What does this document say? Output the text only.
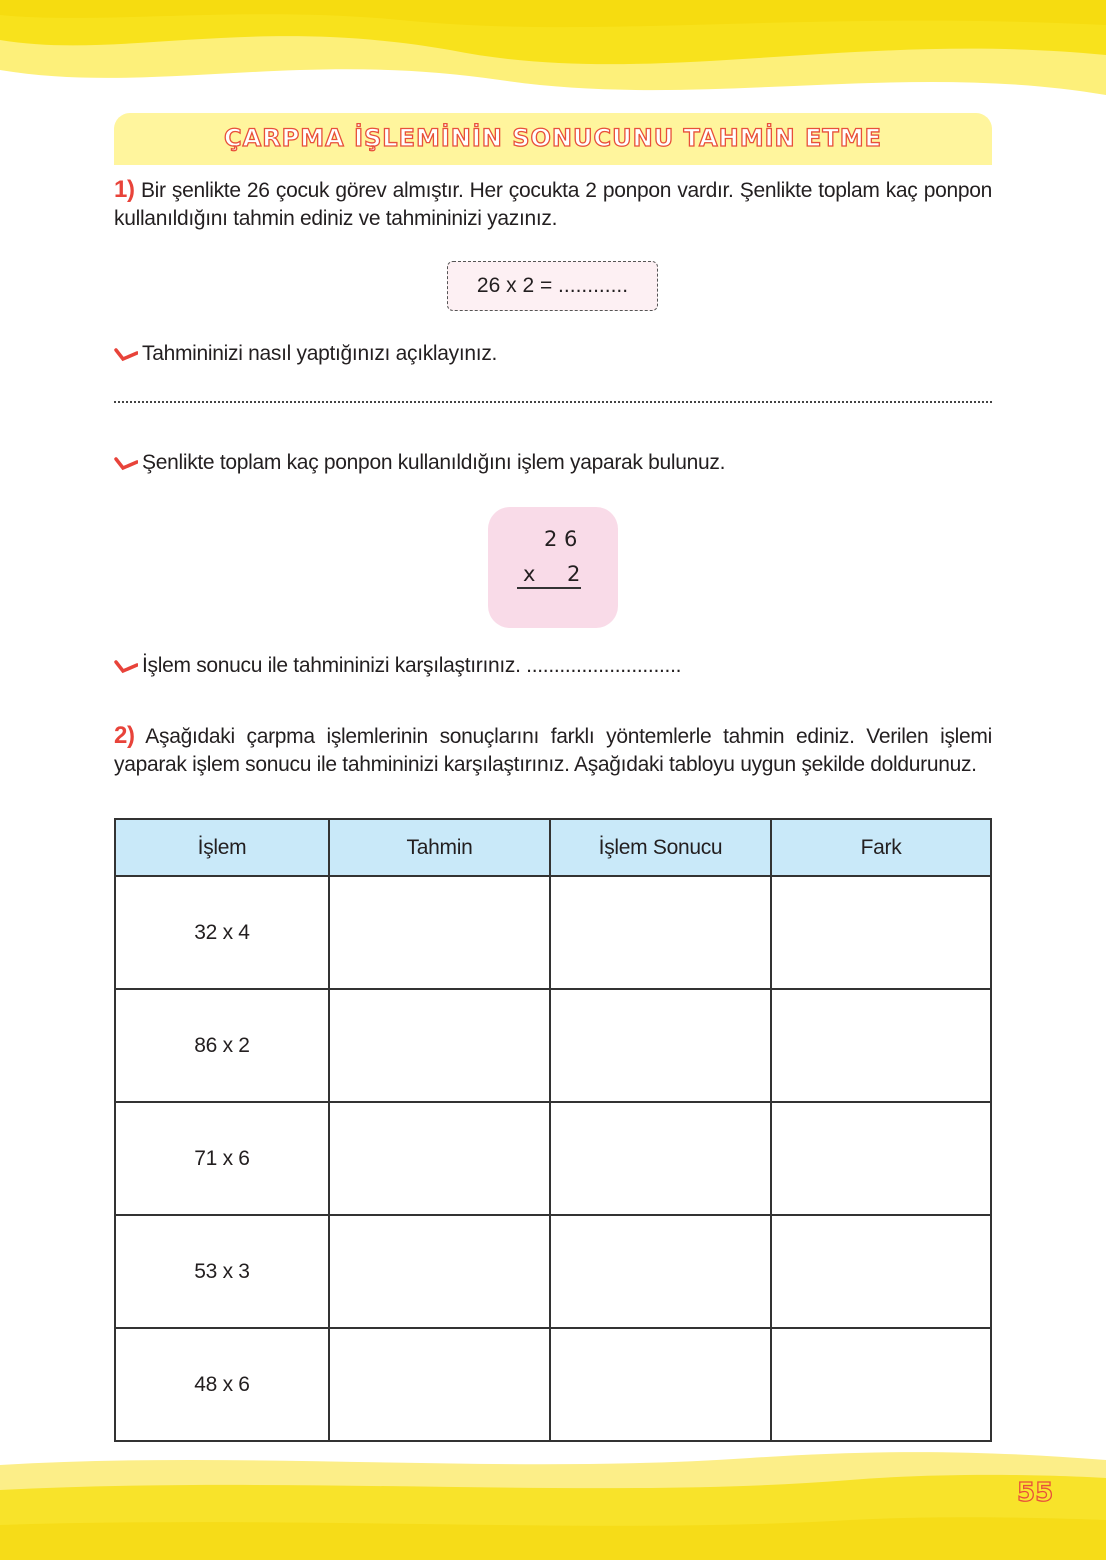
ÇARPMA İŞLEMİNİN SONUCUNU TAHMİN ETME
1) Bir şenlikte 26 çocuk görev almıştır. Her çocukta 2 ponpon vardır. Şenlikte toplam kaç ponpon kullanıldığını tahmin ediniz ve tahmininizi yazınız.
26 x 2 = ............
Tahmininizi nasıl yaptığınızı açıklayınız.
Şenlikte toplam kaç ponpon kullanıldığını işlem yaparak bulunuz.
2 6
x 2
İşlem sonucu ile tahmininizi karşılaştırınız. ............................
2) Aşağıdaki çarpma işlemlerinin sonuçlarını farklı yöntemlerle tahmin ediniz. Verilen işlemi yaparak işlem sonucu ile tahmininizi karşılaştırınız. Aşağıdaki tabloyu uygun şekilde doldurunuz.
İşlem	Tahmin	İşlem Sonucu	Fark
32 x 4			
86 x 2			
71 x 6			
53 x 3			
48 x 6			
55
